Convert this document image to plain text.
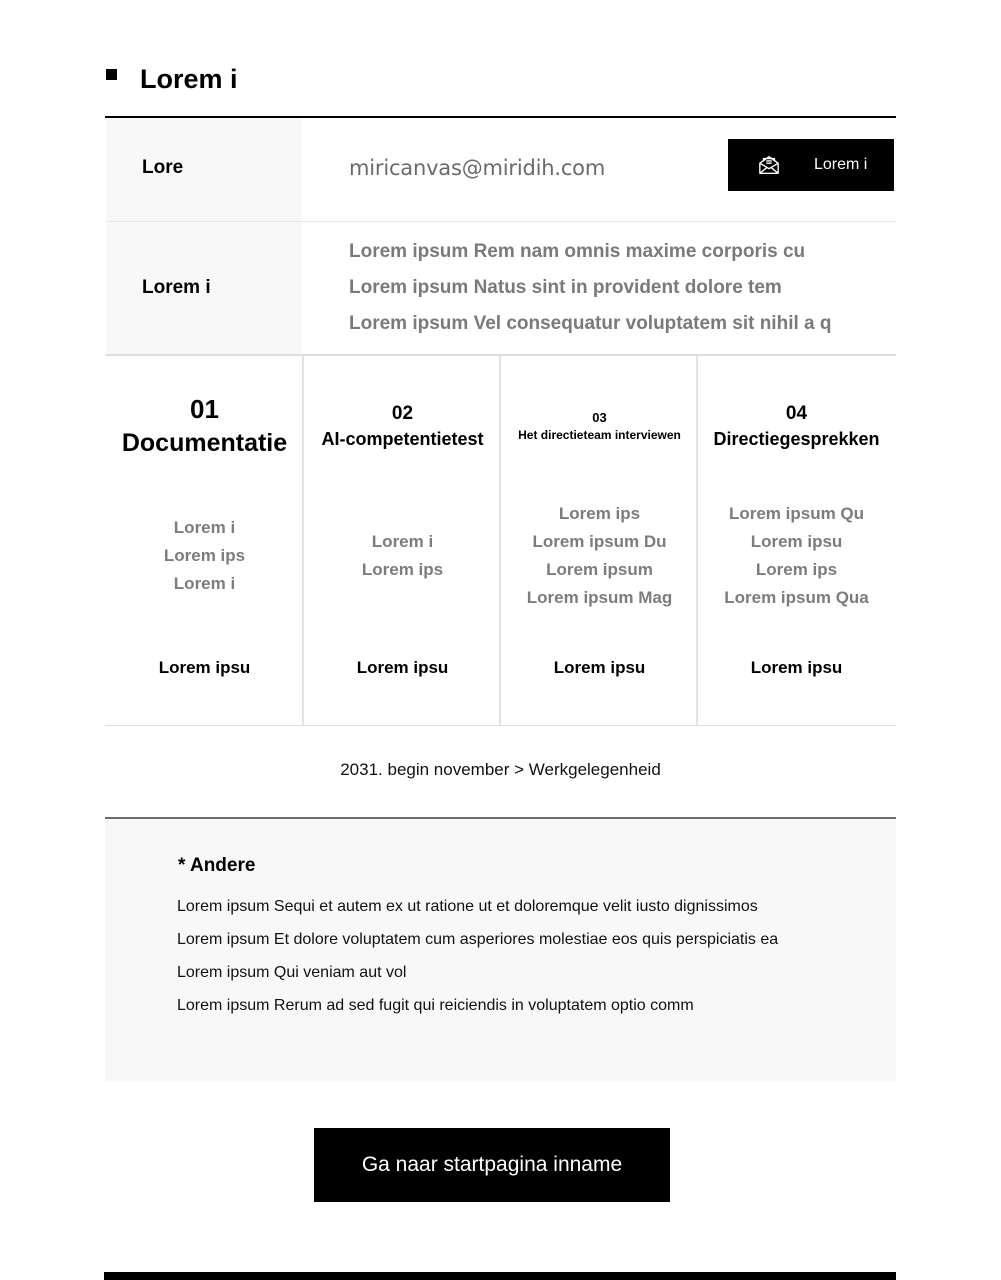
Lorem i
Lore	miricanvas@miridih.com	Lorem i
Lorem i
Lorem ipsum Rem nam omnis maxime corporis cu
Lorem ipsum Natus sint in provident dolore tem
Lorem ipsum Vel consequatur voluptatem sit nihil a q
01
Documentatie
Lorem i
Lorem ips
Lorem i
Lorem ipsu
02
AI-competentietest
Lorem i
Lorem ips
Lorem ipsu
03
Het directieteam interviewen
Lorem ips
Lorem ipsum Du
Lorem ipsum
Lorem ipsum Mag
Lorem ipsu
04
Directiegesprekken
Lorem ipsum Qu
Lorem ipsu
Lorem ips
Lorem ipsum Qua
Lorem ipsu
2031. begin november > Werkgelegenheid
* Andere
Lorem ipsum Sequi et autem ex ut ratione ut et doloremque velit iusto dignissimos
Lorem ipsum Et dolore voluptatem cum asperiores molestiae eos quis perspiciatis ea
Lorem ipsum Qui veniam aut vol
Lorem ipsum Rerum ad sed fugit qui reiciendis in voluptatem optio comm
Ga naar startpagina inname
